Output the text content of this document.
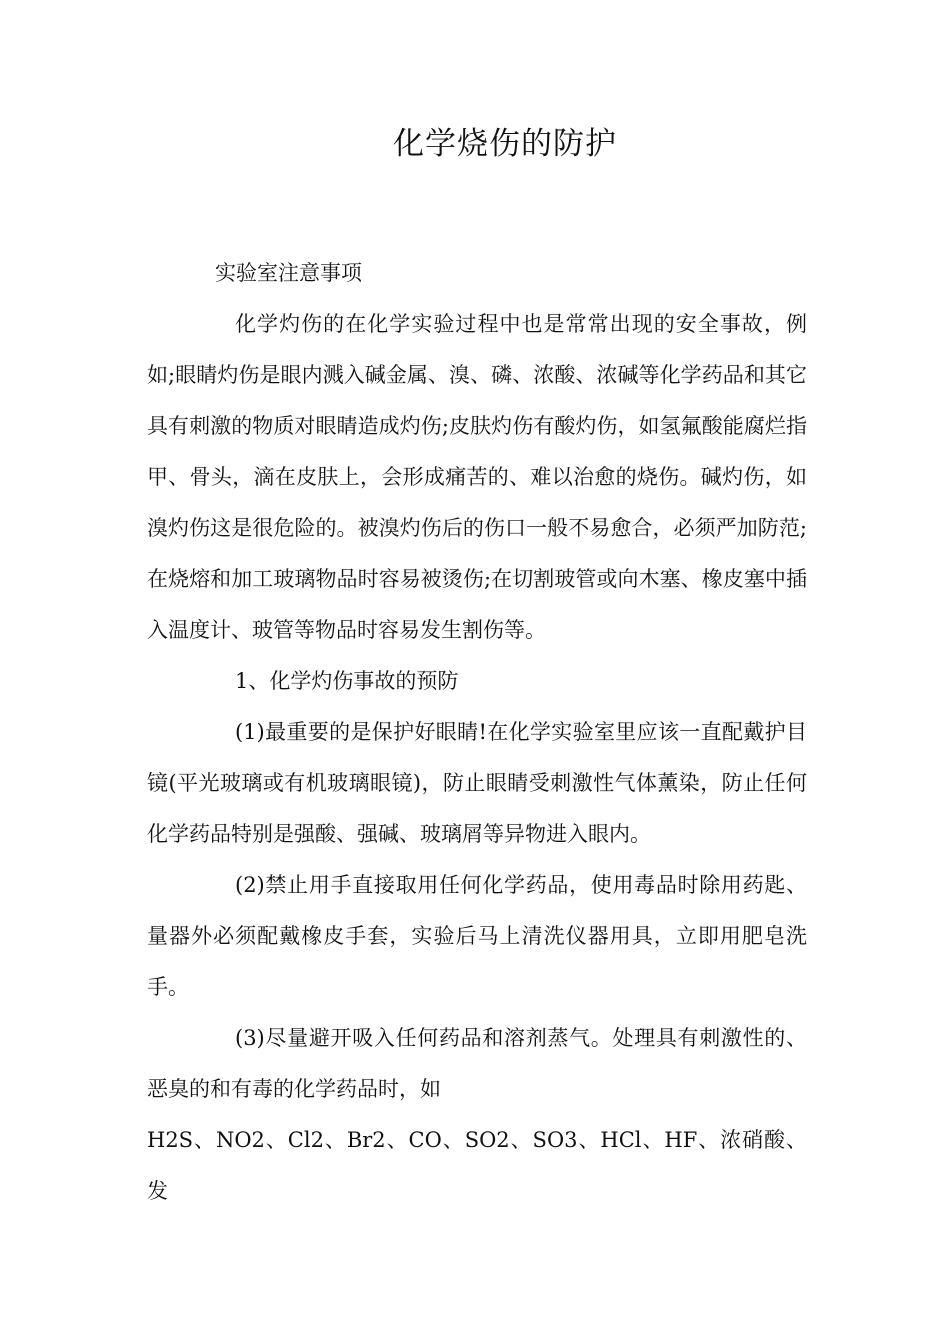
化学烧伤的防护

实验室注意事项

化学灼伤的在化学实验过程中也是常常出现的安全事故，例如;眼睛灼伤是眼内溅入碱金属、溴、磷、浓酸、浓碱等化学药品和其它具有刺激的物质对眼睛造成灼伤;皮肤灼伤有酸灼伤，如氢氟酸能腐烂指甲、骨头，滴在皮肤上，会形成痛苦的、难以治愈的烧伤。碱灼伤，如溴灼伤这是很危险的。被溴灼伤后的伤口一般不易愈合，必须严加防范;在烧熔和加工玻璃物品时容易被烫伤;在切割玻管或向木塞、橡皮塞中插入温度计、玻管等物品时容易发生割伤等。

1、化学灼伤事故的预防

(1)最重要的是保护好眼睛!在化学实验室里应该一直配戴护目镜(平光玻璃或有机玻璃眼镜)，防止眼睛受刺激性气体薰染，防止任何化学药品特别是强酸、强碱、玻璃屑等异物进入眼内。

(2)禁止用手直接取用任何化学药品，使用毒品时除用药匙、量器外必须配戴橡皮手套，实验后马上清洗仪器用具，立即用肥皂洗手。

(3)尽量避开吸入任何药品和溶剂蒸气。处理具有刺激性的、恶臭的和有毒的化学药品时，如

H2S、NO2、Cl2、Br2、CO、SO2、SO3、HCl、HF、浓硝酸、发
